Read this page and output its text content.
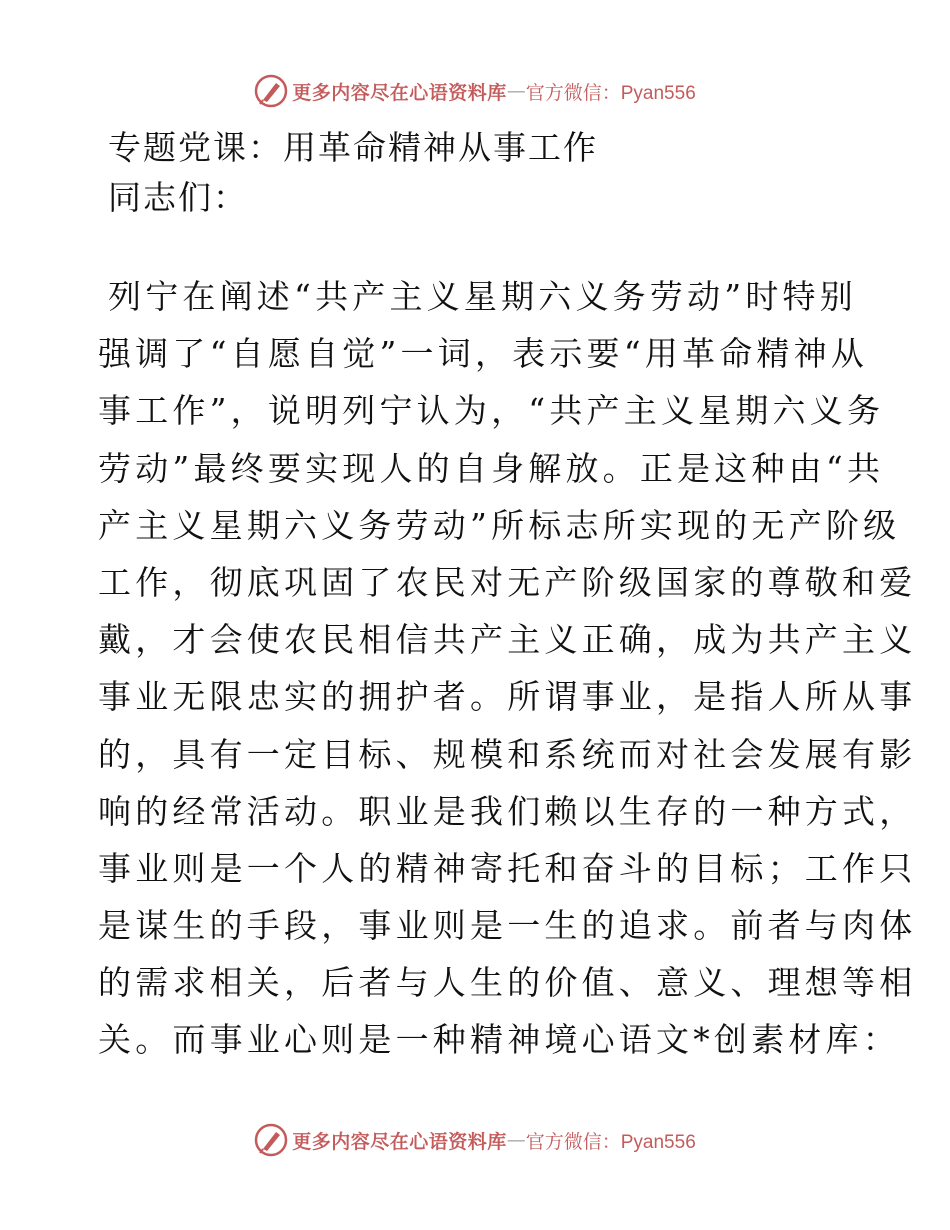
更多内容尽在心语资料库 — 官方微信：Pyan556
专题党课：用革命精神从事工作
同志们：
列宁在阐述“共产主义星期六义务劳动”时特别
强调了“自愿自觉”一词，表示要“用革命精神从
事工作”，说明列宁认为，“共产主义星期六义务
劳动”最终要实现人的自身解放。正是这种由“共
产主义星期六义务劳动”所标志所实现的无产阶级
工作，彻底巩固了农民对无产阶级国家的尊敬和爱
戴，才会使农民相信共产主义正确，成为共产主义
事业无限忠实的拥护者。所谓事业，是指人所从事
的，具有一定目标、规模和系统而对社会发展有影
响的经常活动。职业是我们赖以生存的一种方式，
事业则是一个人的精神寄托和奋斗的目标；工作只
是谋生的手段，事业则是一生的追求。前者与肉体
的需求相关，后者与人生的价值、意义、理想等相
关。而事业心则是一种精神境心语文*创素材库：
更多内容尽在心语资料库 — 官方微信：Pyan556
